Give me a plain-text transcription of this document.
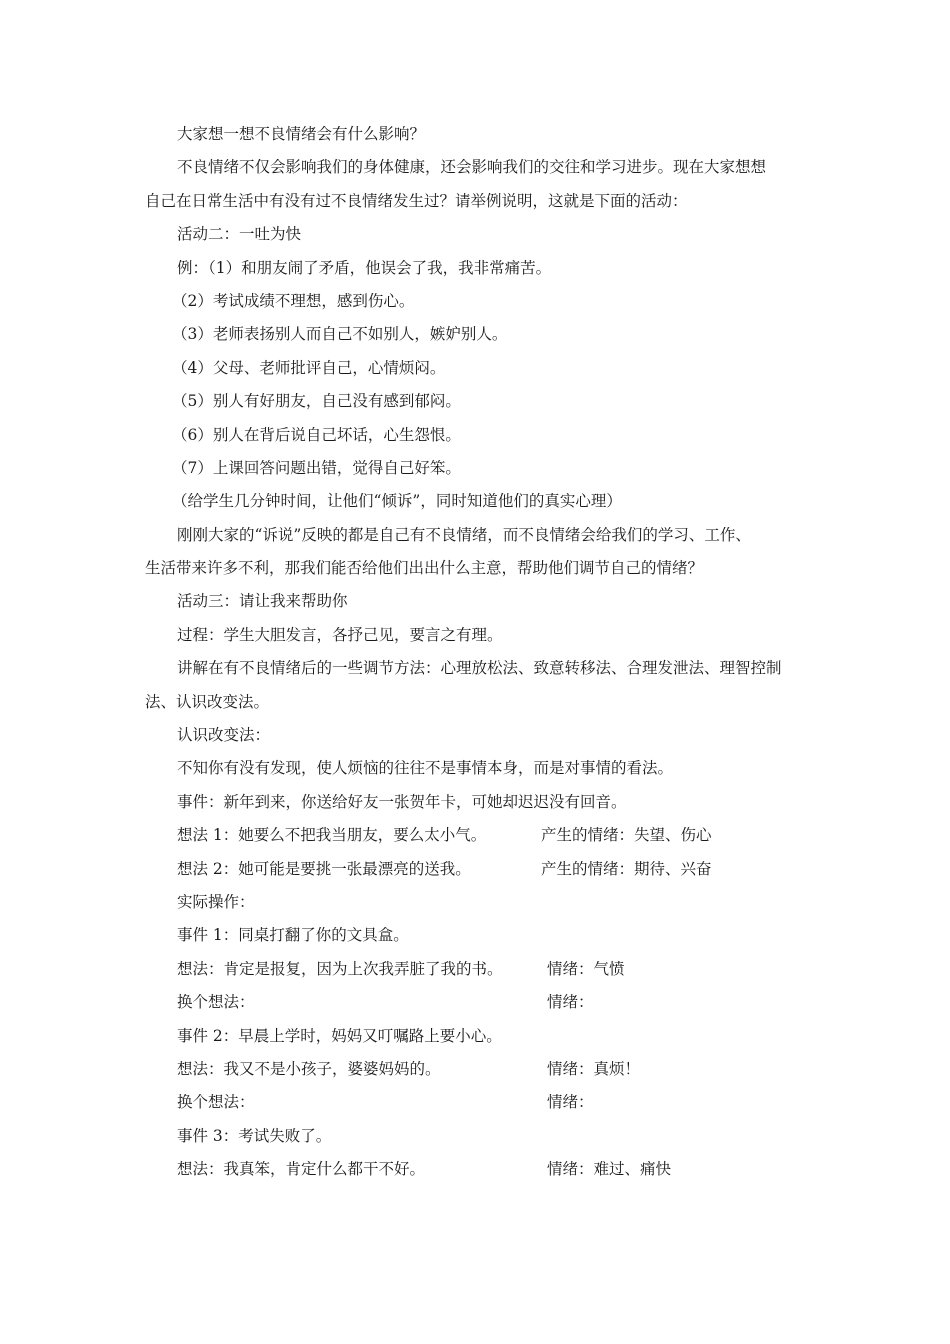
大家想一想不良情绪会有什么影响？
不良情绪不仅会影响我们的身体健康，还会影响我们的交往和学习进步。现在大家想想
自己在日常生活中有没有过不良情绪发生过？请举例说明，这就是下面的活动：
活动二：一吐为快
例：（1）和朋友闹了矛盾，他误会了我，我非常痛苦。
（2）考试成绩不理想，感到伤心。
（3）老师表扬别人而自己不如别人，嫉妒别人。
（4）父母、老师批评自己，心情烦闷。
（5）别人有好朋友，自己没有感到郁闷。
（6）别人在背后说自己坏话，心生怨恨。
（7）上课回答问题出错，觉得自己好笨。
（给学生几分钟时间，让他们“倾诉”，同时知道他们的真实心理）
刚刚大家的“诉说”反映的都是自己有不良情绪，而不良情绪会给我们的学习、工作、
生活带来许多不利，那我们能否给他们出出什么主意，帮助他们调节自己的情绪？
活动三：请让我来帮助你
过程：学生大胆发言，各抒己见，要言之有理。
讲解在有不良情绪后的一些调节方法：心理放松法、致意转移法、合理发泄法、理智控制
法、认识改变法。
认识改变法：
不知你有没有发现，使人烦恼的往往不是事情本身，而是对事情的看法。
事件：新年到来，你送给好友一张贺年卡，可她却迟迟没有回音。
想法 1：她要么不把我当朋友，要么太小气。	产生的情绪：失望、伤心
想法 2：她可能是要挑一张最漂亮的送我。	产生的情绪：期待、兴奋
实际操作：
事件 1：同桌打翻了你的文具盒。
想法：肯定是报复，因为上次我弄脏了我的书。	情绪：气愤
换个想法：	情绪：
事件 2：早晨上学时，妈妈又叮嘱路上要小心。
想法：我又不是小孩子，婆婆妈妈的。	情绪：真烦！
换个想法：	情绪：
事件 3：考试失败了。
想法：我真笨，肯定什么都干不好。	情绪：难过、痛快
